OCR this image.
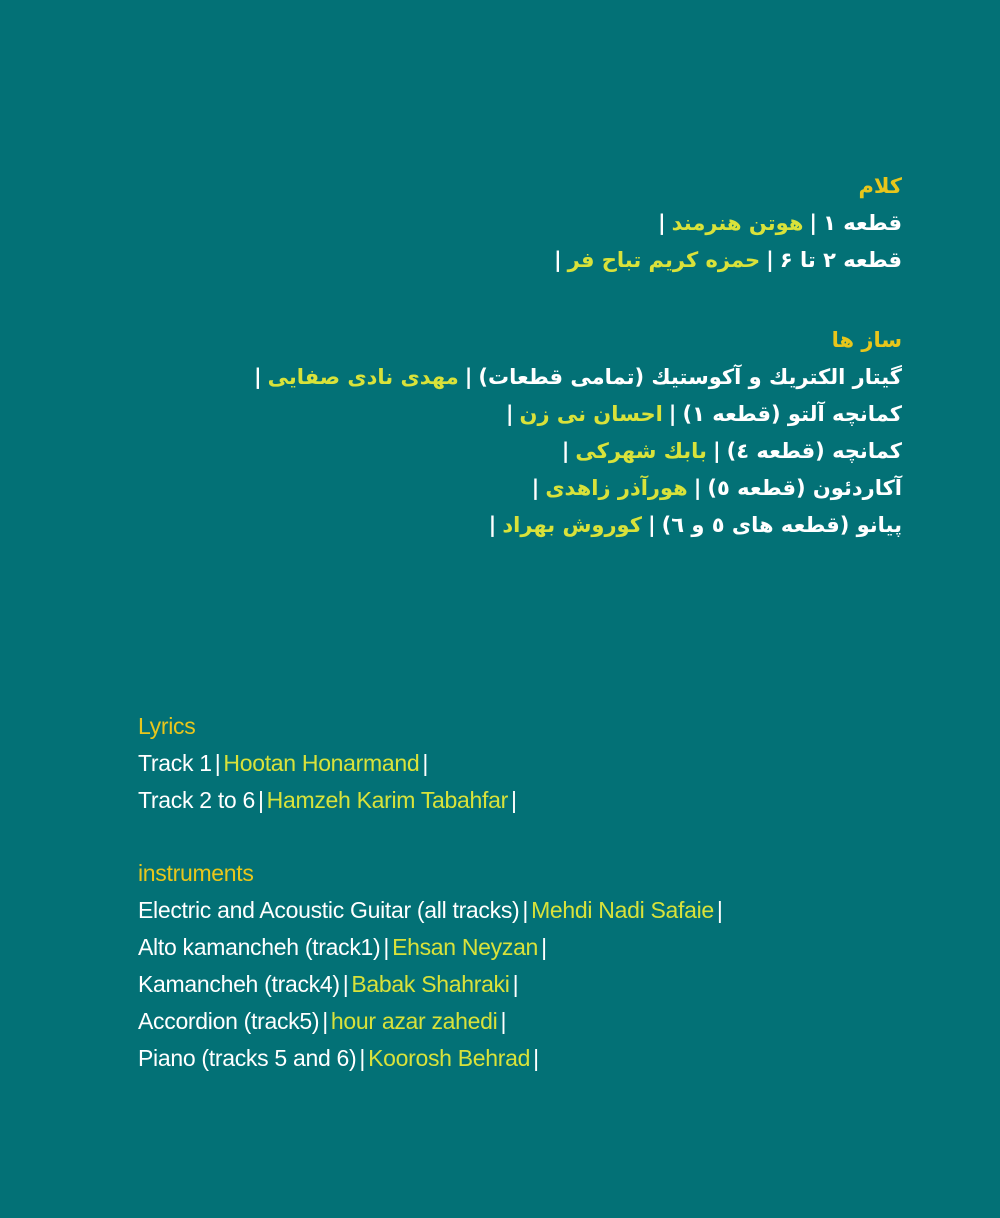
کلام
قطعه ۱|هوتن هنرمند|
قطعه ۲ تا ۶|حمزه کریم تباح فر|
ساز ها
گیتار الکتریك و آکوستیك (تمامی قطعات)|مهدی نادی صفایی|
کمانچه آلتو (قطعه ۱)|احسان نی زن|
کمانچه (قطعه ٤)|بابك شهرکی|
آکاردئون (قطعه ٥)|هورآذر زاهدی|
پیانو (قطعه های ٥ و ٦)|کوروش بهراد|
Lyrics
Track 1 | Hootan Honarmand |
Track 2 to 6 | Hamzeh Karim Tabahfar |
instruments
Electric and Acoustic Guitar (all tracks) | Mehdi Nadi Safaie |
Alto kamancheh (track1) | Ehsan Neyzan |
Kamancheh (track4) | Babak Shahraki |
Accordion (track5) | hour azar zahedi |
Piano (tracks 5 and 6) | Koorosh Behrad |
